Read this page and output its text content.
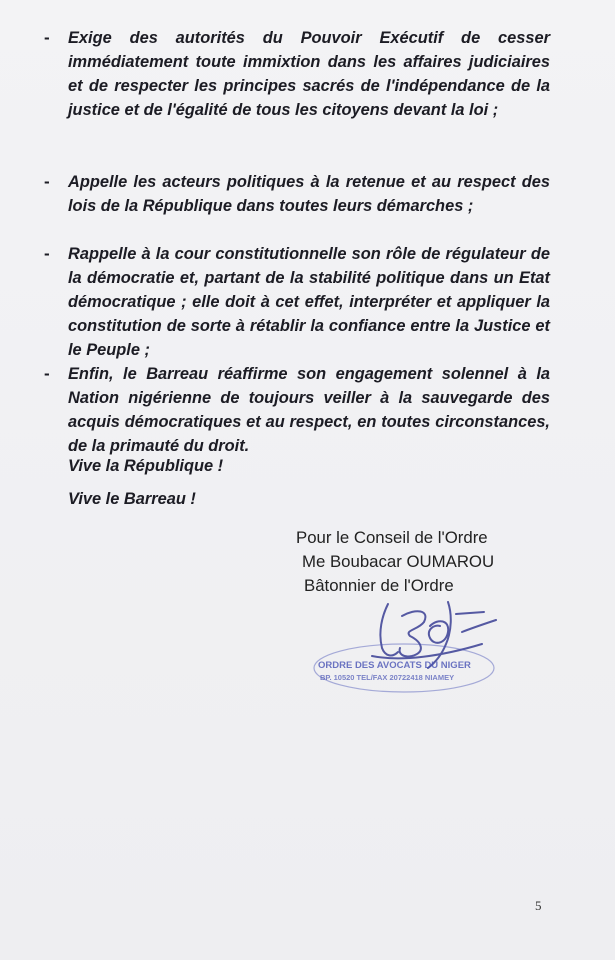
- Exige des autorités du Pouvoir Exécutif de cesser immédiatement toute immixtion dans les affaires judiciaires et de respecter les principes sacrés de l'indépendance de la justice et de l'égalité de tous les citoyens devant la loi ;
- Appelle les acteurs politiques à la retenue et au respect des lois de la République dans toutes leurs démarches ;
- Rappelle à la cour constitutionnelle son rôle de régulateur de la démocratie et, partant de la stabilité politique dans un Etat démocratique ; elle doit à cet effet, interpréter et appliquer la constitution de sorte à rétablir la confiance entre la Justice et le Peuple ;
- Enfin, le Barreau réaffirme son engagement solennel à la Nation nigérienne de toujours veiller à la sauvegarde des acquis démocratiques et au respect, en toutes circonstances, de la primauté du droit.
Vive la République !
Vive le Barreau !
Pour le Conseil de l'Ordre
Me Boubacar OUMAROU
Bâtonnier de l'Ordre
ORDRE DES AVOCATS DU NIGER
BP. 10520 TEL/FAX 20722418 NIAMEY
5
